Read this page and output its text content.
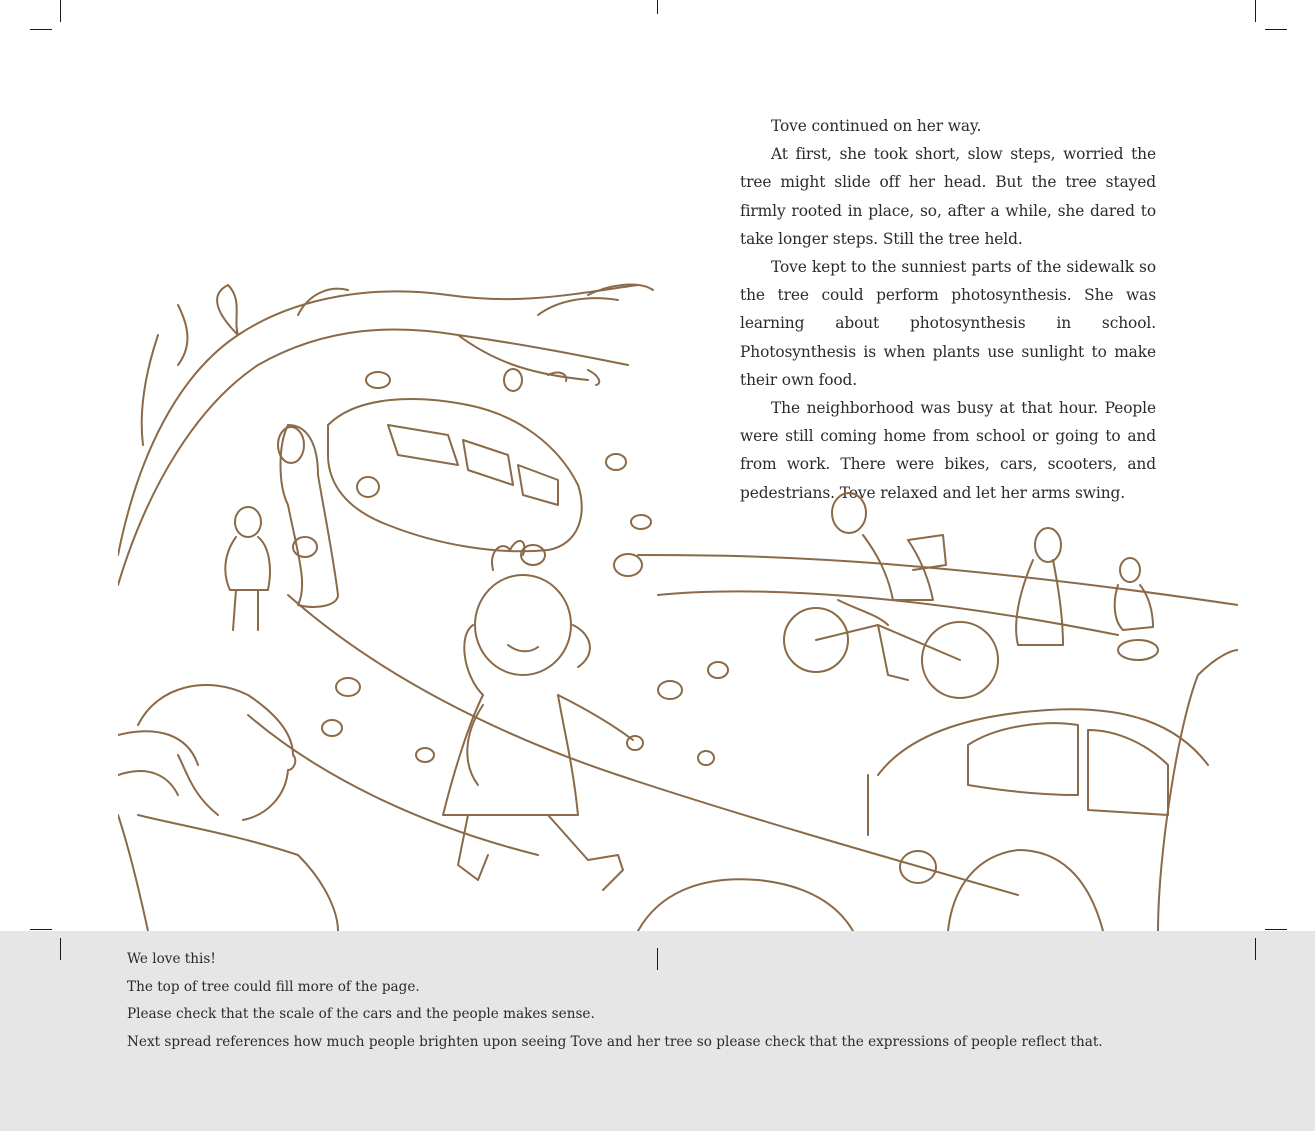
Tove continued on her way.

At first, she took short, slow steps, worried the tree might slide off her head. But the tree stayed firmly rooted in place, so, after a while, she dared to take longer steps. Still the tree held.

Tove kept to the sunniest parts of the sidewalk so the tree could perform photosynthesis. She was learning about photosynthesis in school. Photosynthesis is when plants use sunlight to make their own food.

The neighborhood was busy at that hour. People were still coming home from school or going to and from work. There were bikes, cars, scooters, and pedestrians. Tove relaxed and let her arms swing.

We love this!

The top of tree could fill more of the page.

Please check that the scale of the cars and the people makes sense.

Next spread references how much people brighten upon seeing Tove and her tree so please check that the expressions of people reflect that.
